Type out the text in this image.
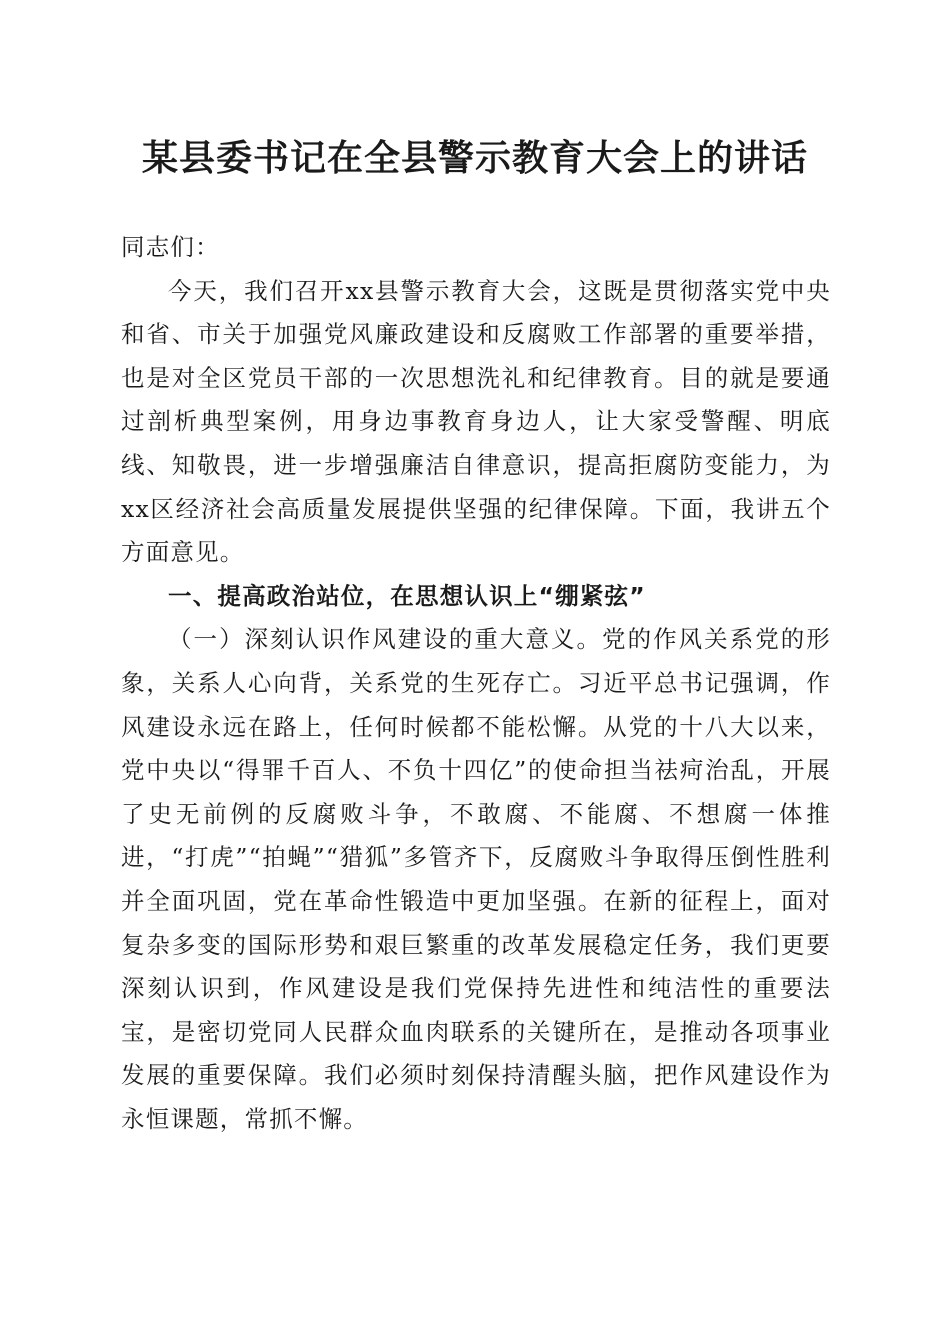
某县委书记在全县警示教育大会上的讲话

同志们：

今天，我们召开xx县警示教育大会，这既是贯彻落实党中央和省、市关于加强党风廉政建设和反腐败工作部署的重要举措，也是对全区党员干部的一次思想洗礼和纪律教育。目的就是要通过剖析典型案例，用身边事教育身边人，让大家受警醒、明底线、知敬畏，进一步增强廉洁自律意识，提高拒腐防变能力，为xx区经济社会高质量发展提供坚强的纪律保障。下面，我讲五个方面意见。

一、提高政治站位，在思想认识上“绷紧弦”

（一）深刻认识作风建设的重大意义。党的作风关系党的形象，关系人心向背，关系党的生死存亡。习近平总书记强调，作风建设永远在路上，任何时候都不能松懈。从党的十八大以来，党中央以“得罪千百人、不负十四亿”的使命担当祛疴治乱，开展了史无前例的反腐败斗争，不敢腐、不能腐、不想腐一体推进，“打虎”“拍蝇”“猎狐”多管齐下，反腐败斗争取得压倒性胜利并全面巩固，党在革命性锻造中更加坚强。在新的征程上，面对复杂多变的国际形势和艰巨繁重的改革发展稳定任务，我们更要深刻认识到，作风建设是我们党保持先进性和纯洁性的重要法宝，是密切党同人民群众血肉联系的关键所在，是推动各项事业发展的重要保障。我们必须时刻保持清醒头脑，把作风建设作为永恒课题，常抓不懈。
